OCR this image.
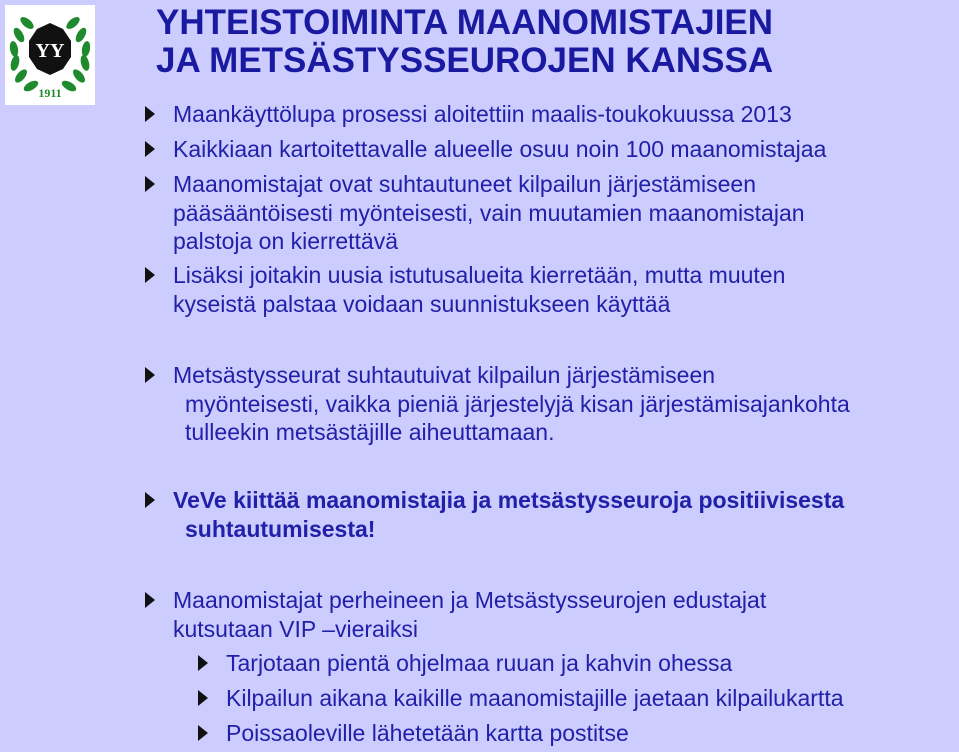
YY
1911
YHTEISTOIMINTA MAANOMISTAJIEN
JA METSÄSTYSSEUROJEN KANSSA
Maankäyttölupa prosessi aloitettiin maalis-toukokuussa 2013
Kaikkiaan kartoitettavalle alueelle osuu noin 100 maanomistajaa
Maanomistajat ovat suhtautuneet kilpailun järjestämiseen
pääsääntöisesti myönteisesti, vain muutamien maanomistajan
palstoja on kierrettävä
Lisäksi joitakin uusia istutusalueita kierretään, mutta muuten
kyseistä palstaa voidaan suunnistukseen käyttää
Metsästysseurat suhtautuivat kilpailun järjestämiseen
myönteisesti, vaikka pieniä järjestelyjä kisan järjestämisajankohta
tulleekin metsästäjille aiheuttamaan.
VeVe kiittää maanomistajia ja metsästysseuroja positiivisesta
suhtautumisesta!
Maanomistajat perheineen ja Metsästysseurojen edustajat
kutsutaan VIP –vieraiksi
Tarjotaan pientä ohjelmaa ruuan ja kahvin ohessa
Kilpailun aikana kaikille maanomistajille jaetaan kilpailukartta
Poissaoleville lähetetään kartta postitse
